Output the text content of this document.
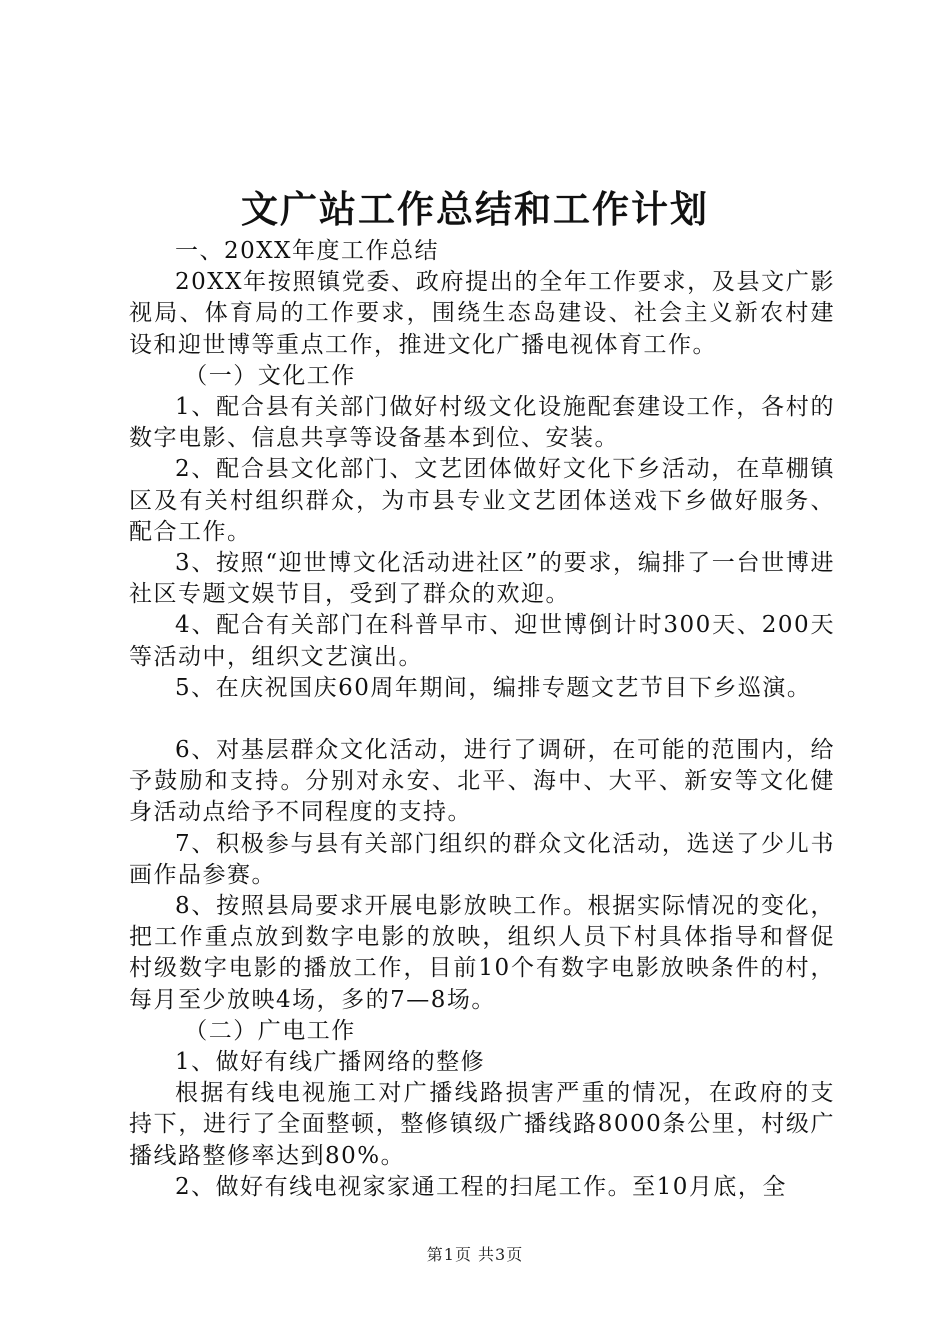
文广站工作总结和工作计划

一、20XX年度工作总结

20XX年按照镇党委、政府提出的全年工作要求，及县文广影视局、体育局的工作要求，围绕生态岛建设、社会主义新农村建设和迎世博等重点工作，推进文化广播电视体育工作。

（一）文化工作

1、配合县有关部门做好村级文化设施配套建设工作，各村的数字电影、信息共享等设备基本到位、安装。

2、配合县文化部门、文艺团体做好文化下乡活动，在草棚镇区及有关村组织群众，为市县专业文艺团体送戏下乡做好服务、配合工作。

3、按照“迎世博文化活动进社区”的要求，编排了一台世博进社区专题文娱节目，受到了群众的欢迎。

4、配合有关部门在科普早市、迎世博倒计时300天、200天等活动中，组织文艺演出。

5、在庆祝国庆60周年期间，编排专题文艺节目下乡巡演。

6、对基层群众文化活动，进行了调研，在可能的范围内，给予鼓励和支持。分别对永安、北平、海中、大平、新安等文化健身活动点给予不同程度的支持。

7、积极参与县有关部门组织的群众文化活动，选送了少儿书画作品参赛。

8、按照县局要求开展电影放映工作。根据实际情况的变化，把工作重点放到数字电影的放映，组织人员下村具体指导和督促村级数字电影的播放工作，目前10个有数字电影放映条件的村，每月至少放映4场，多的7—8场。

（二）广电工作

1、做好有线广播网络的整修

根据有线电视施工对广播线路损害严重的情况，在政府的支持下，进行了全面整顿，整修镇级广播线路8000条公里，村级广播线路整修率达到80%。

2、做好有线电视家家通工程的扫尾工作。至10月底，全

第1页 共3页
